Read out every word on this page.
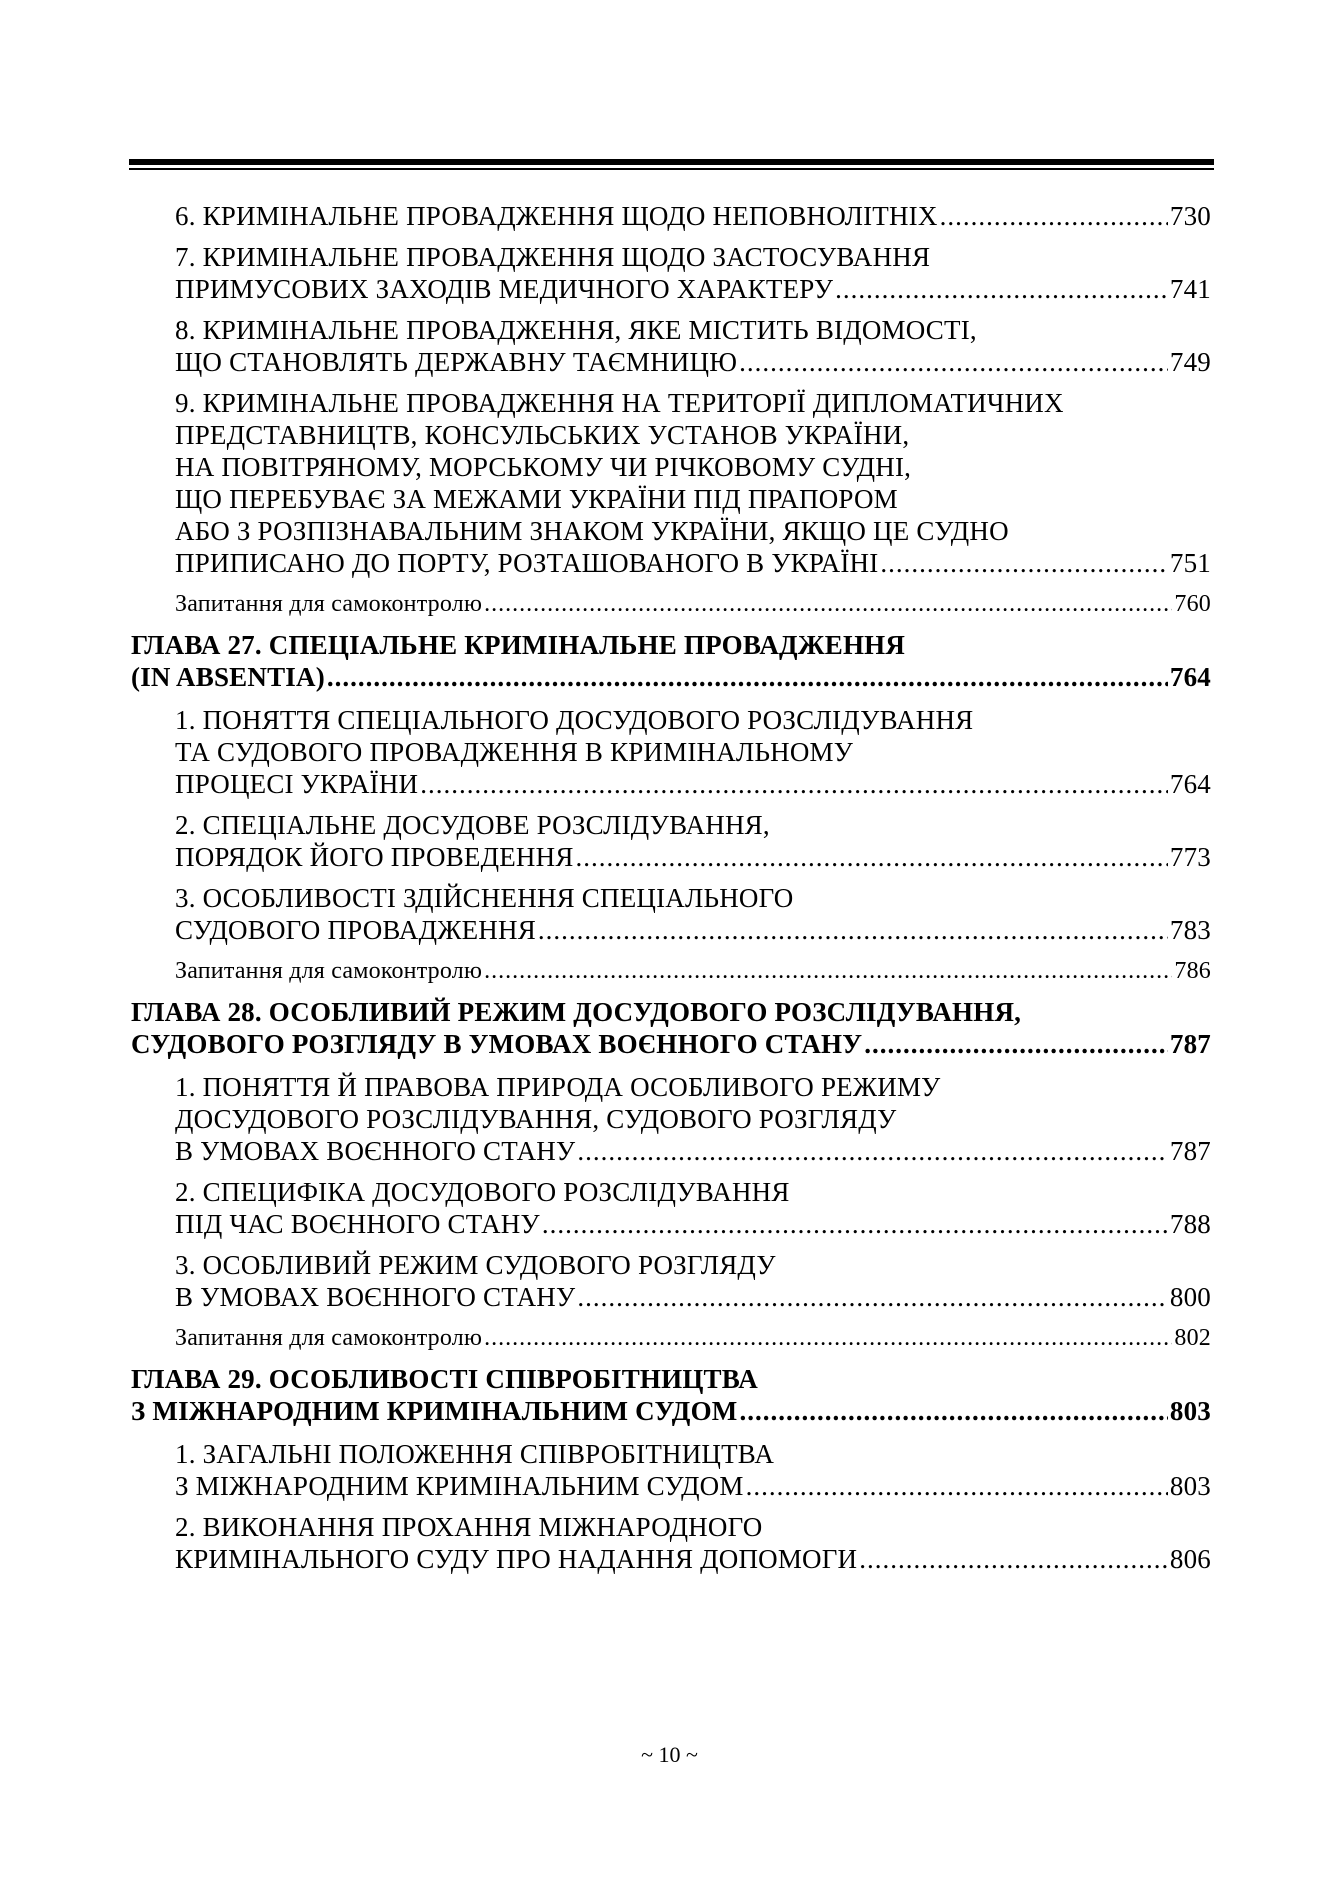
6. КРИМІНАЛЬНЕ ПРОВАДЖЕННЯ ЩОДО НЕПОВНОЛІТНІХ .....	730
7. КРИМІНАЛЬНЕ ПРОВАДЖЕННЯ ЩОДО ЗАСТОСУВАННЯ
ПРИМУСОВИХ ЗАХОДІВ МЕДИЧНОГО ХАРАКТЕРУ .....	741
8. КРИМІНАЛЬНЕ ПРОВАДЖЕННЯ, ЯКЕ МІСТИТЬ ВІДОМОСТІ,
ЩО СТАНОВЛЯТЬ ДЕРЖАВНУ ТАЄМНИЦЮ .....	749
9. КРИМІНАЛЬНЕ ПРОВАДЖЕННЯ НА ТЕРИТОРІЇ ДИПЛОМАТИЧНИХ
ПРЕДСТАВНИЦТВ, КОНСУЛЬСЬКИХ УСТАНОВ УКРАЇНИ,
НА ПОВІТРЯНОМУ, МОРСЬКОМУ ЧИ РІЧКОВОМУ СУДНІ,
ЩО ПЕРЕБУВАЄ ЗА МЕЖАМИ УКРАЇНИ ПІД ПРАПОРОМ
АБО З РОЗПІЗНАВАЛЬНИМ ЗНАКОМ УКРАЇНИ, ЯКЩО ЦЕ СУДНО
ПРИПИСАНО ДО ПОРТУ, РОЗТАШОВАНОГО В УКРАЇНІ .....	751
Запитання для самоконтролю .....	760
ГЛАВА 27. СПЕЦІАЛЬНЕ КРИМІНАЛЬНЕ ПРОВАДЖЕННЯ
(IN ABSENTIA) .....	764
1. ПОНЯТТЯ СПЕЦІАЛЬНОГО ДОСУДОВОГО РОЗСЛІДУВАННЯ
ТА СУДОВОГО ПРОВАДЖЕННЯ В КРИМІНАЛЬНОМУ
ПРОЦЕСІ УКРАЇНИ .....	764
2. СПЕЦІАЛЬНЕ ДОСУДОВЕ РОЗСЛІДУВАННЯ,
ПОРЯДОК ЙОГО ПРОВЕДЕННЯ .....	773
3. ОСОБЛИВОСТІ ЗДІЙСНЕННЯ СПЕЦІАЛЬНОГО
СУДОВОГО ПРОВАДЖЕННЯ .....	783
Запитання для самоконтролю .....	786
ГЛАВА 28. ОСОБЛИВИЙ РЕЖИМ ДОСУДОВОГО РОЗСЛІДУВАННЯ,
СУДОВОГО РОЗГЛЯДУ В УМОВАХ ВОЄННОГО СТАНУ .....	787
1. ПОНЯТТЯ Й ПРАВОВА ПРИРОДА ОСОБЛИВОГО РЕЖИМУ
ДОСУДОВОГО РОЗСЛІДУВАННЯ, СУДОВОГО РОЗГЛЯДУ
В УМОВАХ ВОЄННОГО СТАНУ .....	787
2. СПЕЦИФІКА ДОСУДОВОГО РОЗСЛІДУВАННЯ
ПІД ЧАС ВОЄННОГО СТАНУ .....	788
3. ОСОБЛИВИЙ РЕЖИМ СУДОВОГО РОЗГЛЯДУ
В УМОВАХ ВОЄННОГО СТАНУ .....	800
Запитання для самоконтролю .....	802
ГЛАВА 29. ОСОБЛИВОСТІ СПІВРОБІТНИЦТВА
З МІЖНАРОДНИМ КРИМІНАЛЬНИМ СУДОМ .....	803
1. ЗАГАЛЬНІ ПОЛОЖЕННЯ СПІВРОБІТНИЦТВА
З МІЖНАРОДНИМ КРИМІНАЛЬНИМ СУДОМ .....	803
2. ВИКОНАННЯ ПРОХАННЯ МІЖНАРОДНОГО
КРИМІНАЛЬНОГО СУДУ ПРО НАДАННЯ ДОПОМОГИ .....	806
~ 10 ~
